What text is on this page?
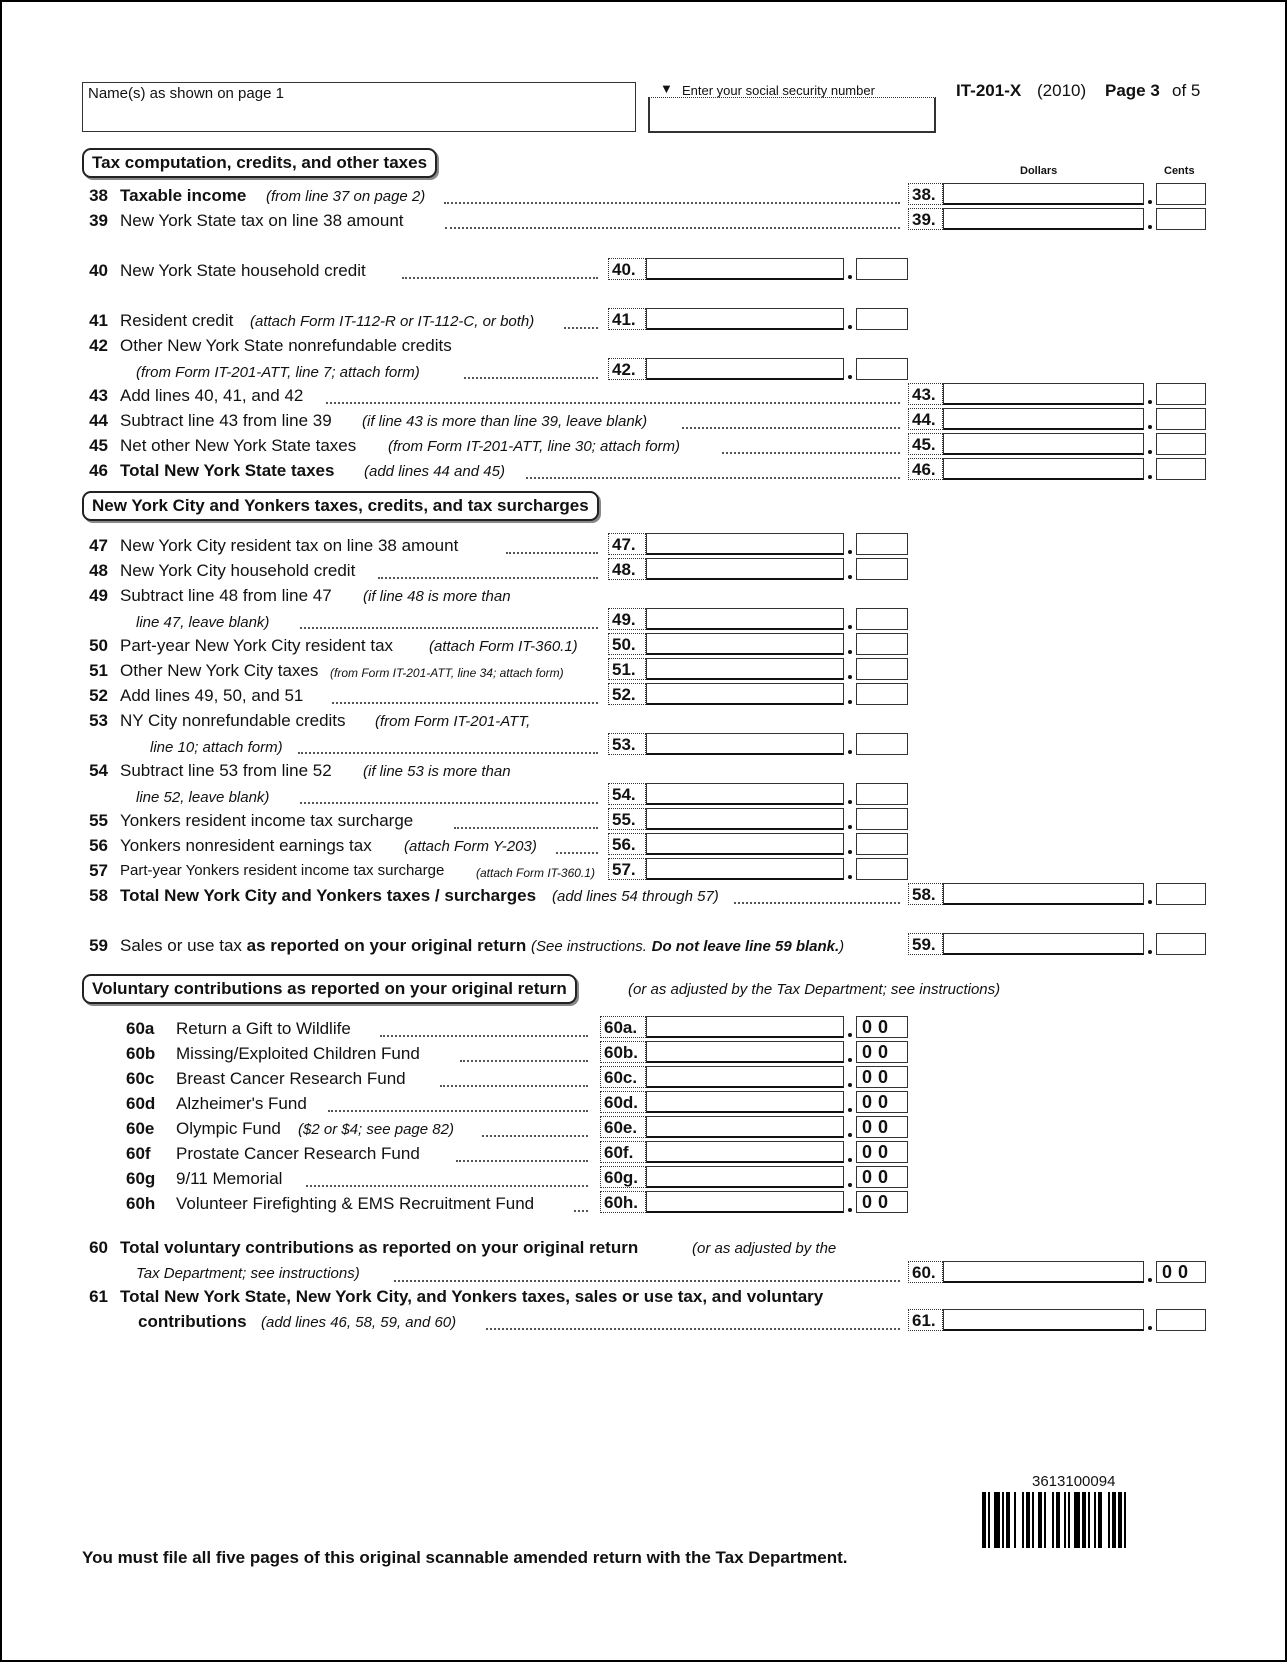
Name(s) as shown on page 1	▼ Enter your social security number	IT-201-X (2010) Page 3 of 5
Tax computation, credits, and other taxes	Dollars	Cents
38 Taxable income (from line 37 on page 2)	38.
39 New York State tax on line 38 amount	39.
40 New York State household credit	40.
41 Resident credit (attach Form IT-112-R or IT-112-C, or both)	41.
42 Other New York State nonrefundable credits
(from Form IT-201-ATT, line 7; attach form)	42.
43 Add lines 40, 41, and 42	43.
44 Subtract line 43 from line 39 (if line 43 is more than line 39, leave blank)	44.
45 Net other New York State taxes (from Form IT-201-ATT, line 30; attach form)	45.
46 Total New York State taxes (add lines 44 and 45)	46.
New York City and Yonkers taxes, credits, and tax surcharges
47 New York City resident tax on line 38 amount	47.
48 New York City household credit	48.
49 Subtract line 48 from line 47 (if line 48 is more than
line 47, leave blank)	49.
50 Part-year New York City resident tax (attach Form IT-360.1) 50.
51 Other New York City taxes (from Form IT-201-ATT, line 34; attach form)	51.
52 Add lines 49, 50, and 51	52.
53 NY City nonrefundable credits (from Form IT-201-ATT,
line 10; attach form)	53.
54 Subtract line 53 from line 52 (if line 53 is more than
line 52, leave blank)	54.
55 Yonkers resident income tax surcharge	55.
56 Yonkers nonresident earnings tax (attach Form Y-203)	56.
57 Part-year Yonkers resident income tax surcharge	(attach Form IT-360.1) 57.
58 Total New York City and Yonkers taxes / surcharges (add lines 54 through 57)	58.
59 Sales or use tax as reported on your original return (See instructions. Do not leave line 59 blank.)	59.
Voluntary contributions as reported on your original return	(or as adjusted by the Tax Department; see instructions)
60a Return a Gift to Wildlife	60a.	00
60b Missing/Exploited Children Fund	60b.	00
60c Breast Cancer Research Fund	60c.	00
60d Alzheimer's Fund	60d.	00
60e Olympic Fund ($2 or $4; see page 82)	60e.	00
60f Prostate Cancer Research Fund	60f.	00
60g 9/11 Memorial	60g.	00
60h Volunteer Firefighting & EMS Recruitment Fund	60h.	00
60 Total voluntary contributions as reported on your original return	(or as adjusted by the
Tax Department; see instructions)	60.	00
61 Total New York State, New York City, and Yonkers taxes, sales or use tax, and voluntary
contributions (add lines 46, 58, 59, and 60)	61.
3613100094
You must file all five pages of this original scannable amended return with the Tax Department.
